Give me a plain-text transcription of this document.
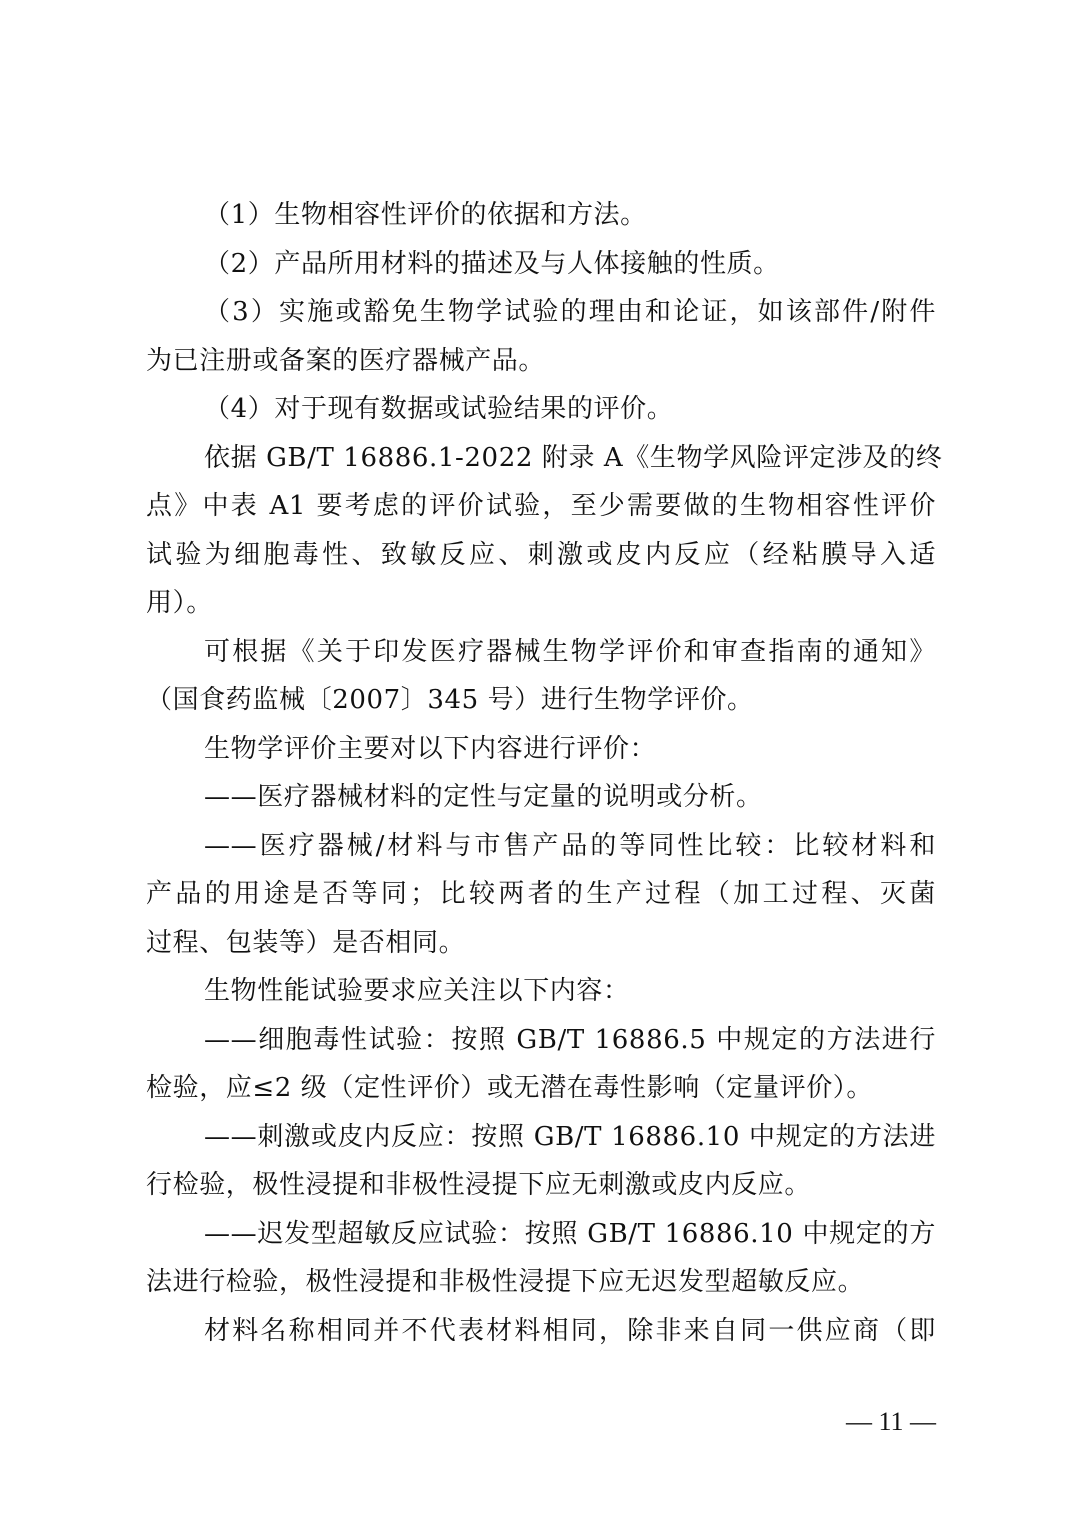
（1）生物相容性评价的依据和方法。
（2）产品所用材料的描述及与人体接触的性质。
（3）实施或豁免生物学试验的理由和论证，如该部件/附件
为已注册或备案的医疗器械产品。
（4）对于现有数据或试验结果的评价。
依据 GB/T 16886.1-2022 附录 A《生物学风险评定涉及的终
点》中表 A1 要考虑的评价试验，至少需要做的生物相容性评价
试验为细胞毒性、致敏反应、刺激或皮内反应（经粘膜导入适
用）。
可根据《关于印发医疗器械生物学评价和审查指南的通知》
（国食药监械〔2007〕345 号）进行生物学评价。
生物学评价主要对以下内容进行评价：
——医疗器械材料的定性与定量的说明或分析。
——医疗器械/材料与市售产品的等同性比较：比较材料和
产品的用途是否等同；比较两者的生产过程（加工过程、灭菌
过程、包装等）是否相同。
生物性能试验要求应关注以下内容：
——细胞毒性试验：按照 GB/T 16886.5 中规定的方法进行
检验，应≤2 级（定性评价）或无潜在毒性影响（定量评价）。
——刺激或皮内反应：按照 GB/T 16886.10 中规定的方法进
行检验，极性浸提和非极性浸提下应无刺激或皮内反应。
——迟发型超敏反应试验：按照 GB/T 16886.10 中规定的方
法进行检验，极性浸提和非极性浸提下应无迟发型超敏反应。
材料名称相同并不代表材料相同，除非来自同一供应商（即
— 11 —
